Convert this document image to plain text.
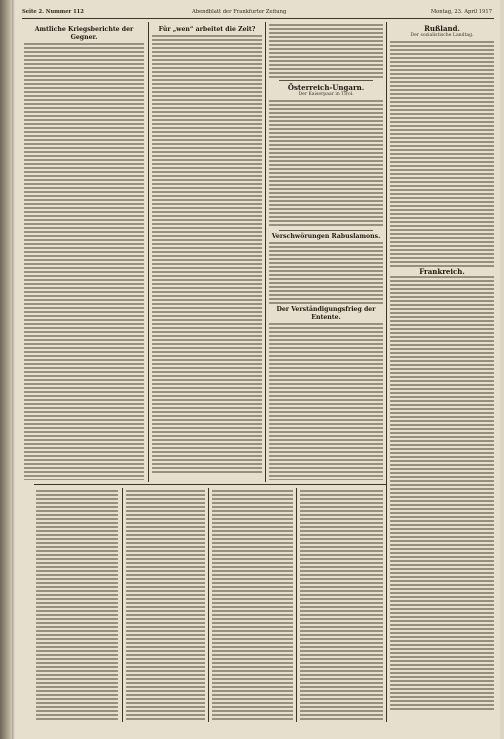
Seite 2. Nummer 112	Abendblatt der Frankfurter Zeitung	Montag, 23. April 1917
Amtliche Kriegsberichte der Gegner.
Für „wen“ arbeitet die Zeit?
Österreich-Ungarn.
Der Kaiserpaar in Tirol.
Verschwörungen Rabuslamons.
Der Verständigungsfrieg der Entente.
Rußland.
Der sozialistische Landtag.
Frankreich.
